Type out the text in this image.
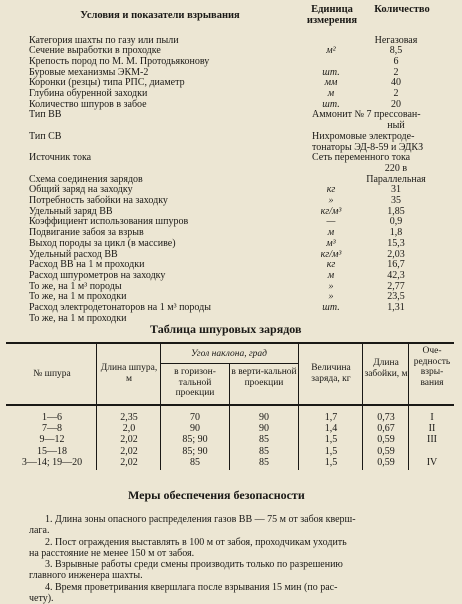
Условия и показатели взрывания
Единица измерения
Количество
Категория шахты по газу или пыли	Негазовая
Сечение выработки в проходке	м²	8,5
Крепость пород по М. М. Протодьяконову	6
Буровые механизмы ЭКМ-2	шт.	2
Коронки (резцы) типа РПС, диаметр	мм	40
Глубина обуренной заходки	м	2
Количество шпуров в забое	шт.	20
Тип ВВ	Аммонит № 7 прессован-
ный
Тип СВ	Нихромовые электроде-
тонаторы ЭД-8-59 и ЭДКЗ
Источник тока	Сеть переменного тока
220 в
Схема соединения зарядов	Параллельная
Общий заряд на заходку	кг	31
Потребность забойки на заходку	»	35
Удельный заряд ВВ	кг/м³	1,85
Коэффициент использования шпуров	—	0,9
Подвигание забоя за взрыв	м	1,8
Выход породы за цикл (в массиве)	м³	15,3
Удельный расход ВВ	кг/м³	2,03
Расход ВВ на 1 м проходки	кг	16,7
Расход шпурометров на заходку	м	42,3
То же, на 1 м³ породы	»	2,77
То же, на 1 м проходки	»	23,5
Расход электродетонаторов на 1 м³ породы	шт.	1,31
То же, на 1 м проходки
Таблица шпуровых зарядов
№ шпура
Длина шпура, м
Угол наклона, град
в горизон-тальной проекции
в верти-кальной проекции
Величина заряда, кг
Длина забойки, м
Оче-редность взры-вания
1—6	2,35	70	90	1,7	0,73	I
7—8	2,0	90	90	1,4	0,67	II
9—12	2,02	85; 90	85	1,5	0,59	III
15—18	2,02	85; 90	85	1,5	0,59
3—14; 19—20	2,02	85	85	1,5	0,59	IV
Меры обеспечения безопасности
1. Длина зоны опасного распределения газов ВВ — 75 м от забоя кверш-
лага.
2. Пост ограждения выставлять в 100 м от забоя, проходчикам уходить
на расстояние не менее 150 м от забоя.
3. Взрывные работы среди смены производить только по разрешению
главного инженера шахты.
4. Время проветривания квершлага после взрывания 15 мин (по рас-
чету).
